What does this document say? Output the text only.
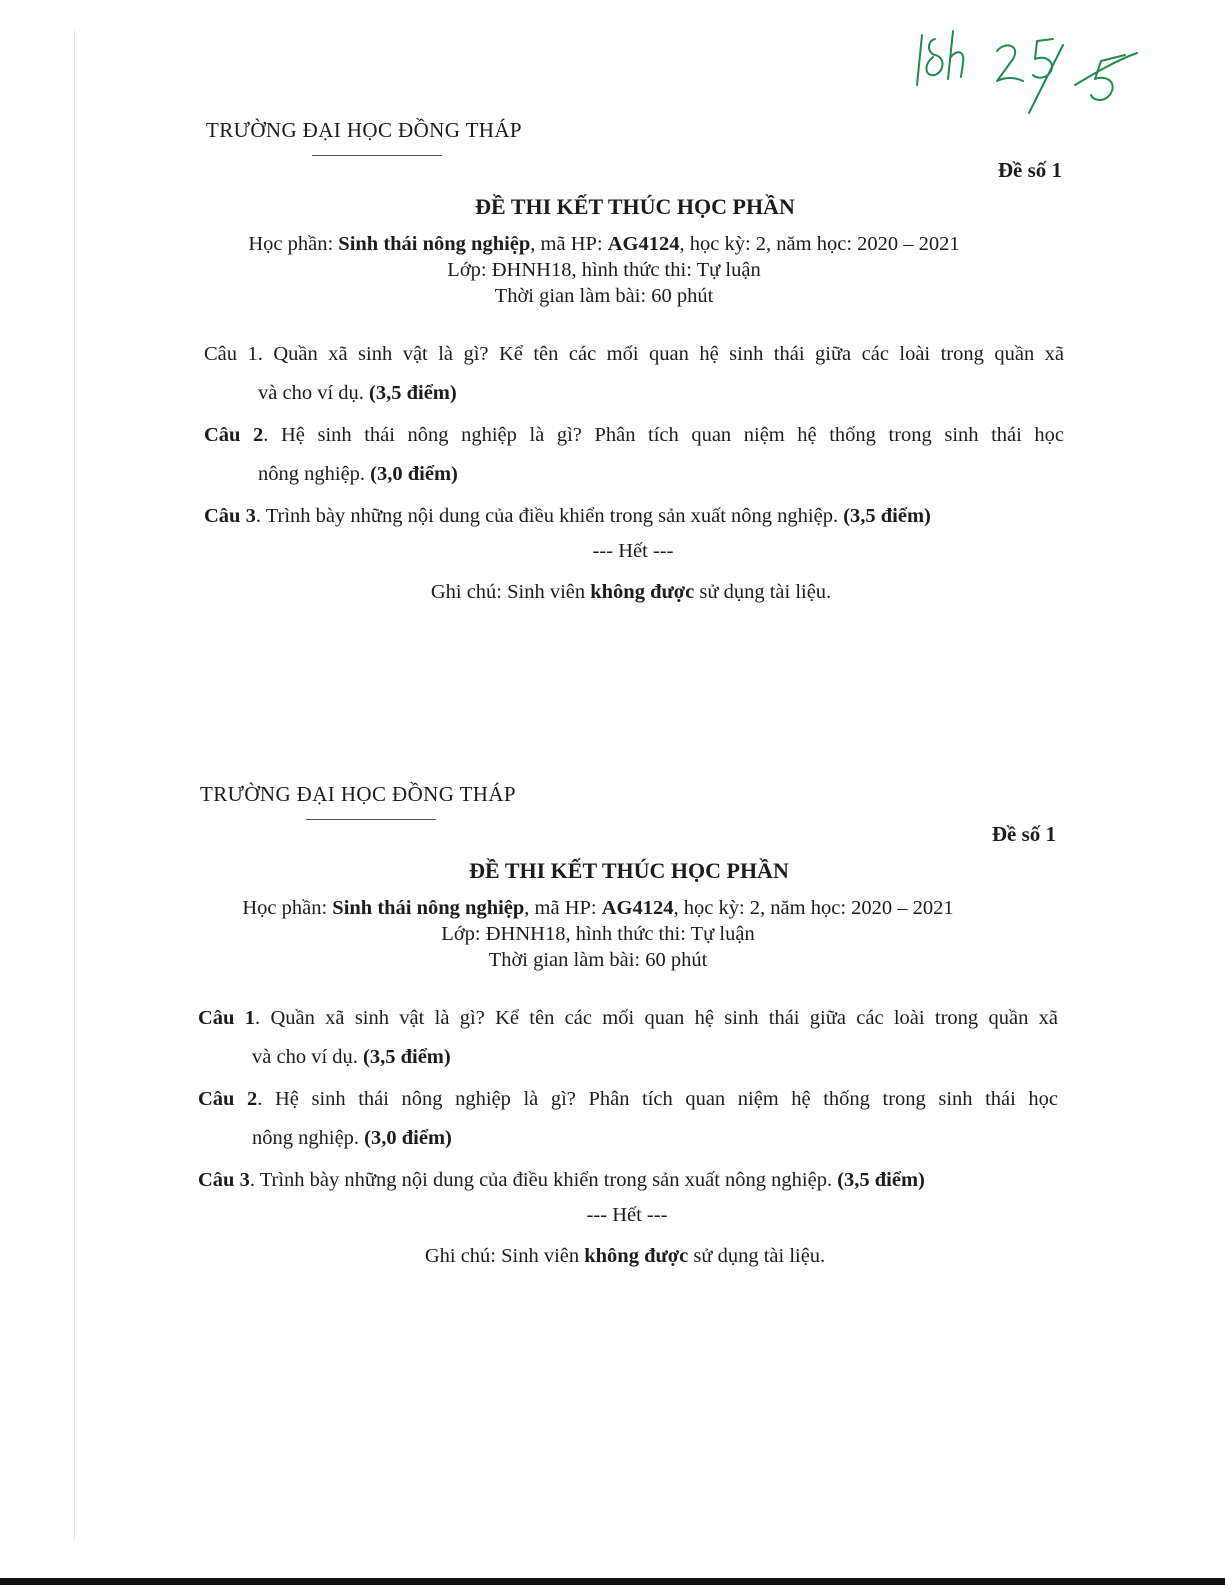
TRƯỜNG ĐẠI HỌC ĐỒNG THÁP
Đề số 1
ĐỀ THI KẾT THÚC HỌC PHẦN
Học phần: Sinh thái nông nghiệp, mã HP: AG4124, học kỳ: 2, năm học: 2020 – 2021
Lớp: ĐHNH18, hình thức thi: Tự luận
Thời gian làm bài: 60 phút
Câu 1. Quần xã sinh vật là gì? Kể tên các mối quan hệ sinh thái giữa các loài trong quần xã
và cho ví dụ. (3,5 điểm)
Câu 2. Hệ sinh thái nông nghiệp là gì? Phân tích quan niệm hệ thống trong sinh thái học
nông nghiệp. (3,0 điểm)
Câu 3. Trình bày những nội dung của điều khiển trong sản xuất nông nghiệp. (3,5 điểm)
--- Hết ---
Ghi chú: Sinh viên không được sử dụng tài liệu.
TRƯỜNG ĐẠI HỌC ĐỒNG THÁP
Đề số 1
ĐỀ THI KẾT THÚC HỌC PHẦN
Học phần: Sinh thái nông nghiệp, mã HP: AG4124, học kỳ: 2, năm học: 2020 – 2021
Lớp: ĐHNH18, hình thức thi: Tự luận
Thời gian làm bài: 60 phút
Câu 1. Quần xã sinh vật là gì? Kể tên các mối quan hệ sinh thái giữa các loài trong quần xã
và cho ví dụ. (3,5 điểm)
Câu 2. Hệ sinh thái nông nghiệp là gì? Phân tích quan niệm hệ thống trong sinh thái học
nông nghiệp. (3,0 điểm)
Câu 3. Trình bày những nội dung của điều khiển trong sản xuất nông nghiệp. (3,5 điểm)
--- Hết ---
Ghi chú: Sinh viên không được sử dụng tài liệu.
